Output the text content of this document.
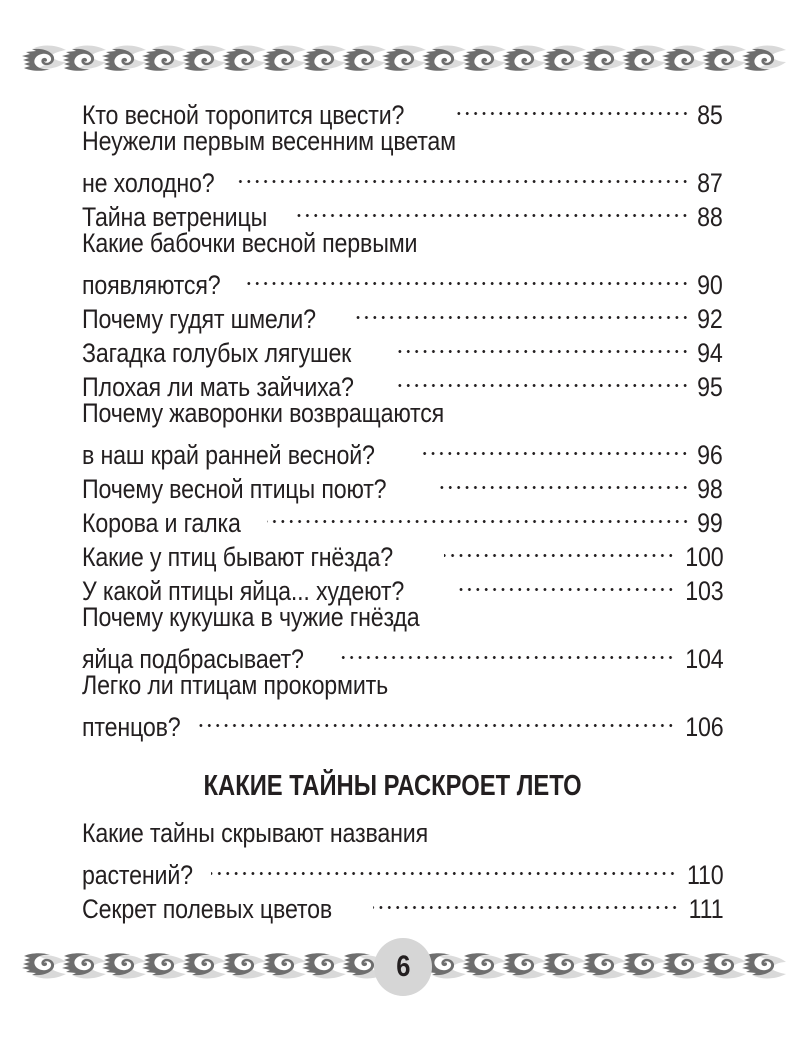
Кто весной торопится цвести?	85
Неужели первым весенним цветам
не холодно?	87
Тайна ветреницы	88
Какие бабочки весной первыми
появляются?	90
Почему гудят шмели?	92
Загадка голубых лягушек	94
Плохая ли мать зайчиха?	95
Почему жаворонки возвращаются
в наш край ранней весной?	96
Почему весной птицы поют?	98
Корова и галка	99
Какие у птиц бывают гнёзда?	100
У какой птицы яйца... худеют?	103
Почему кукушка в чужие гнёзда
яйца подбрасывает?	104
Легко ли птицам прокормить
птенцов?	106
КАКИЕ ТАЙНЫ РАСКРОЕТ ЛЕТО
Какие тайны скрывают названия
растений?	110
Секрет полевых цветов	111
6
